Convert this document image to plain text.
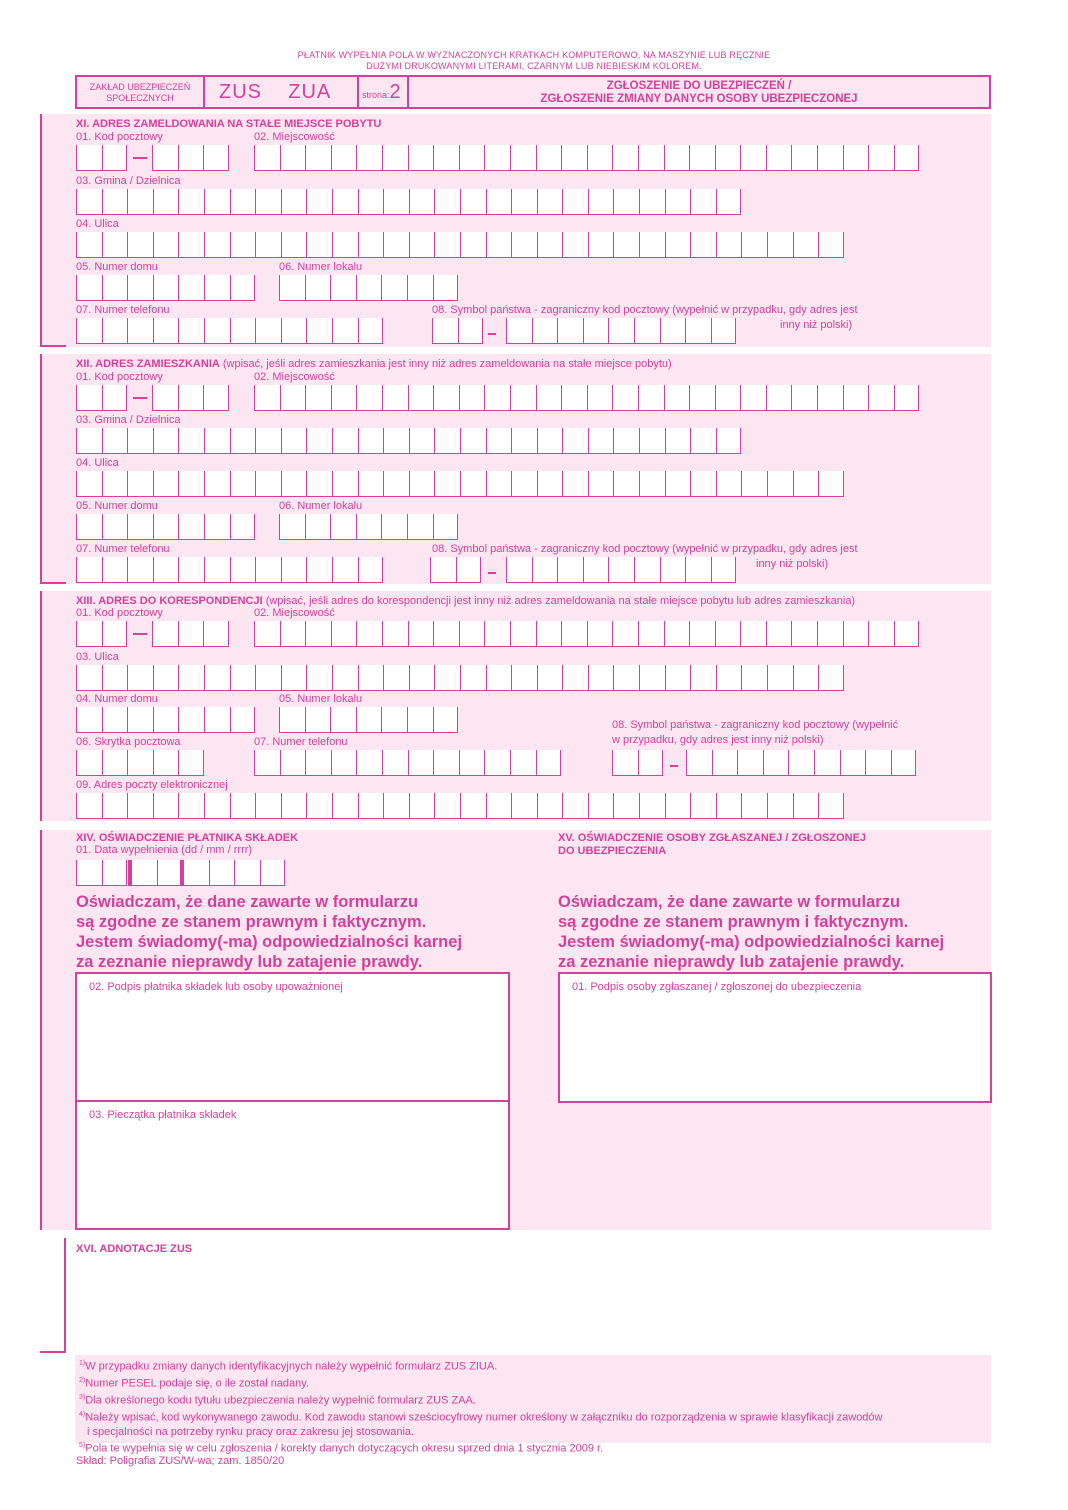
PŁATNIK WYPEŁNIA POLA W WYZNACZONYCH KRATKACH KOMPUTEROWO, NA MASZYNIE LUB RĘCZNIE
DUŻYMI DRUKOWANYMI LITERAMI, CZARNYM LUB NIEBIESKIM KOLOREM.
ZAKŁAD UBEZPIECZEŃ
SPOŁECZNYCH	ZUS    ZUA	strona:2	ZGŁOSZENIE DO UBEZPIECZEŃ /
ZGŁOSZENIE ZMIANY DANYCH OSOBY UBEZPIECZONEJ
XI. ADRES ZAMELDOWANIA NA STAŁE MIEJSCE POBYTU
01. Kod pocztowy	02. Miejscowość
03. Gmina / Dzielnica
04. Ulica
05. Numer domu	06. Numer lokalu
07. Numer telefonu	08. Symbol państwa - zagraniczny kod pocztowy (wypełnić w przypadku, gdy adres jest
inny niż polski)
XII. ADRES ZAMIESZKANIA (wpisać, jeśli adres zamieszkania jest inny niż adres zameldowania na stałe miejsce pobytu)
01. Kod pocztowy	02. Miejscowość
03. Gmina / Dzielnica
04. Ulica
05. Numer domu	06. Numer lokalu
07. Numer telefonu	08. Symbol państwa - zagraniczny kod pocztowy (wypełnić w przypadku, gdy adres jest
inny niż polski)
XIII. ADRES DO KORESPONDENCJI (wpisać, jeśli adres do korespondencji jest inny niż adres zameldowania na stałe miejsce pobytu lub adres zamieszkania)
01. Kod pocztowy	02. Miejscowość
03. Ulica
04. Numer domu	05. Numer lokalu
08. Symbol państwa - zagraniczny kod pocztowy (wypełnić
w przypadku, gdy adres jest inny niż polski)
06. Skrytka pocztowa	07. Numer telefonu
09. Adres poczty elektronicznej
XIV. OŚWIADCZENIE PŁATNIKA SKŁADEK
01. Data wypełnienia (dd / mm / rrrr)
Oświadczam, że dane zawarte w formularzu
są zgodne ze stanem prawnym i faktycznym.
Jestem świadomy(-ma) odpowiedzialności karnej
za zeznanie nieprawdy lub zatajenie prawdy.
02. Podpis płatnika składek lub osoby upoważnionej
03. Pieczątka płatnika składek
XV. OŚWIADCZENIE OSOBY ZGŁASZANEJ / ZGŁOSZONEJ
DO UBEZPIECZENIA
Oświadczam, że dane zawarte w formularzu
są zgodne ze stanem prawnym i faktycznym.
Jestem świadomy(-ma) odpowiedzialności karnej
za zeznanie nieprawdy lub zatajenie prawdy.
01. Podpis osoby zgłaszanej / zgłoszonej do ubezpieczenia
XVI. ADNOTACJE ZUS
$^{1)}$W przypadku zmiany danych identyfikacyjnych należy wypełnić formularz ZUS ZIUA.
$^{2)}$Numer PESEL podaje się, o ile został nadany.
$^{3)}$Dla określonego kodu tytułu ubezpieczenia należy wypełnić formularz ZUS ZAA.
$^{4)}$Należy wpisać, kod wykonywanego zawodu. Kod zawodu stanowi sześciocyfrowy numer określony w załączniku do rozporządzenia w sprawie klasyfikacji zawodów
i specjalności na potrzeby rynku pracy oraz zakresu jej stosowania.
$^{5)}$Pola te wypełnia się w celu zgłoszenia / korekty danych dotyczących okresu sprzed dnia 1 stycznia 2009 r.
Skład: Poligrafia ZUS/W-wa; zam. 1850/20
